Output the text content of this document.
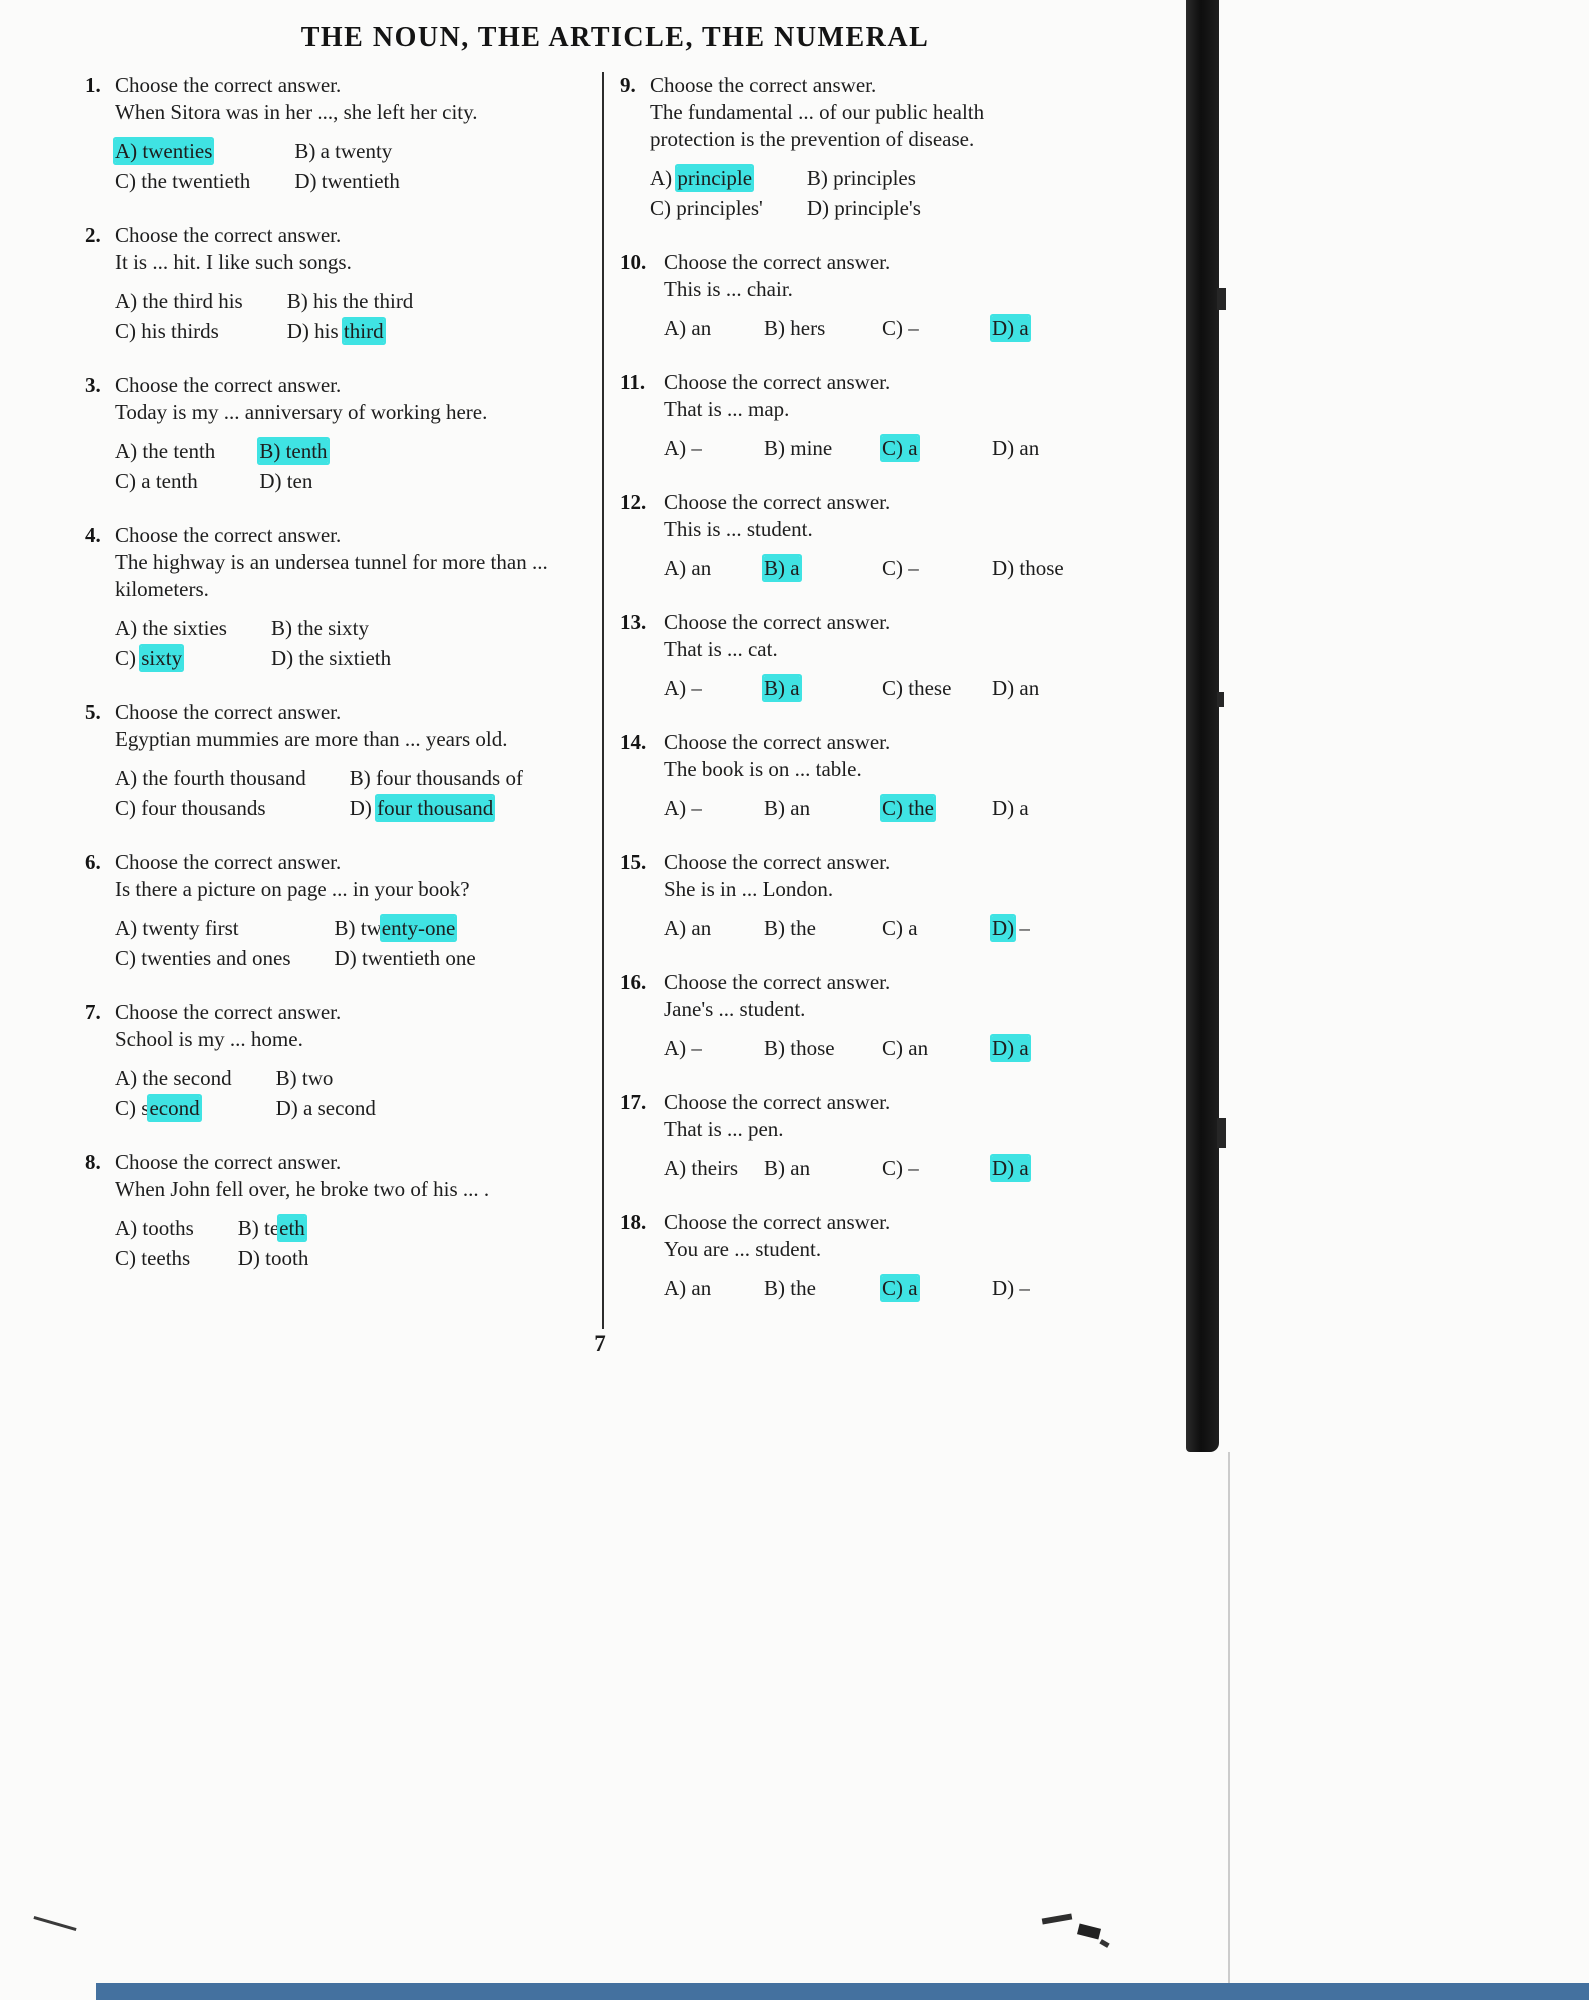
THE NOUN, THE ARTICLE, THE NUMERAL
1. Choose the correct answer.
When Sitora was in her ..., she left her city.
A) twenties	B) a twenty
C) the twentieth D) twentieth
2. Choose the correct answer.
It is ... hit. I like such songs.
A) the third his B) his the third
C) his thirds	D) his third
3. Choose the correct answer.
Today is my ... anniversary of working here.
A) the tenth B) tenth
C) a tenth	D) ten
4. Choose the correct answer.
The highway is an undersea tunnel for more than ... kilometers.
A) the sixties B) the sixty
C) sixty	D) the sixtieth
5. Choose the correct answer.
Egyptian mummies are more than ... years old.
A) the fourth thousand B) four thousands of
C) four thousands	D) four thousand
6. Choose the correct answer.
Is there a picture on page ... in your book?
A) twenty first	B) twenty-one
C) twenties and ones D) twentieth one
7. Choose the correct answer.
School is my ... home.
A) the second B) two
C) second	D) a second
8. Choose the correct answer.
When John fell over, he broke two of his ... .
A) tooths B) teeth
C) teeths D) tooth
9. Choose the correct answer.
The fundamental ... of our public health protection is the prevention of disease.
A) principle	B) principles
C) principles' D) principle's
10. Choose the correct answer.
This is ... chair.
A) an	B) hers	C) –	D) a
11. Choose the correct answer.
That is ... map.
A) –	B) mine	C) a	D) an
12. Choose the correct answer.
This is ... student.
A) an	B) a	C) –	D) those
13. Choose the correct answer.
That is ... cat.
A) –	B) a	C) these	D) an
14. Choose the correct answer.
The book is on ... table.
A) –	B) an	C) the	D) a
15. Choose the correct answer.
She is in ... London.
A) an	B) the	C) a	D) –
16. Choose the correct answer.
Jane's ... student.
A) –	B) those	C) an	D) a
17. Choose the correct answer.
That is ... pen.
A) theirs	B) an	C) –	D) a
18. Choose the correct answer.
You are ... student.
A) an	B) the	C) a	D) –
7
